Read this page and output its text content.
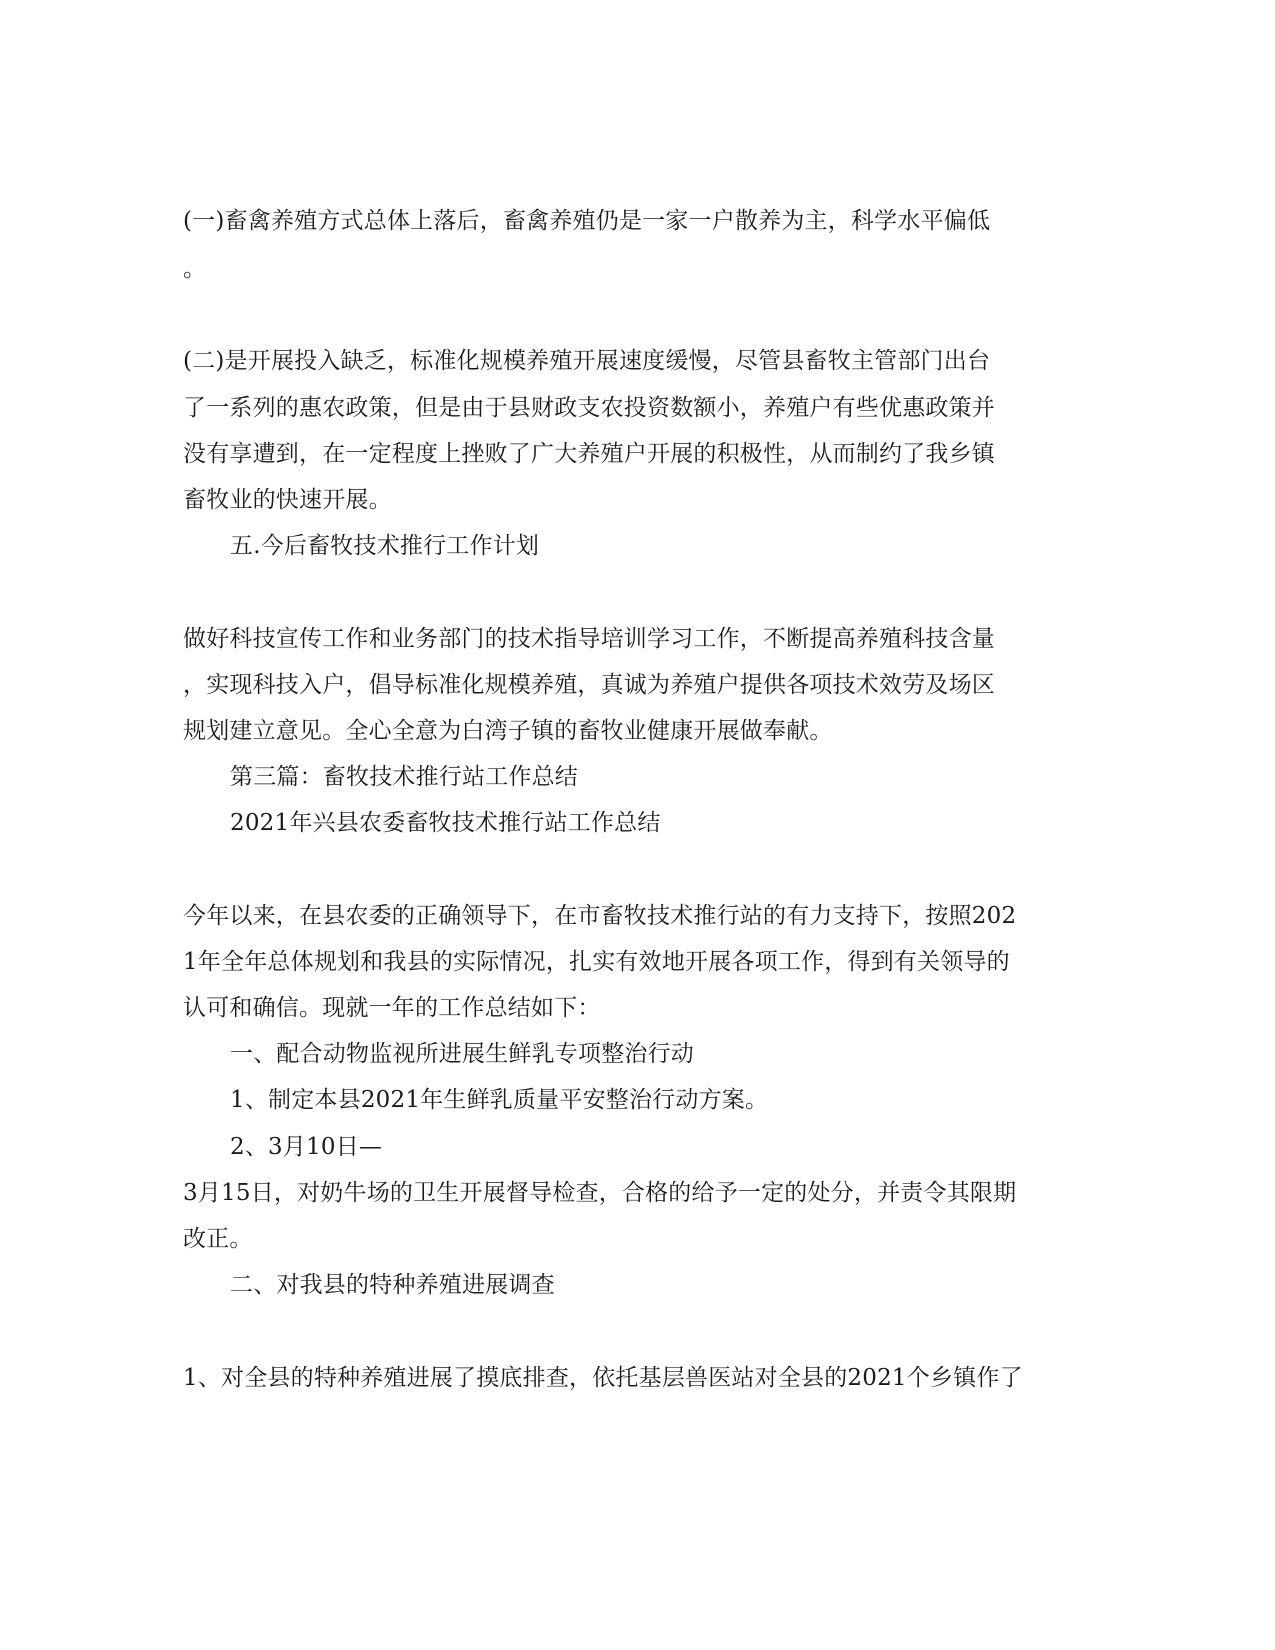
(一)畜禽养殖方式总体上落后，畜禽养殖仍是一家一户散养为主，科学水平偏低
。
(二)是开展投入缺乏，标准化规模养殖开展速度缓慢，尽管县畜牧主管部门出台
了一系列的惠农政策，但是由于县财政支农投资数额小，养殖户有些优惠政策并
没有享遭到，在一定程度上挫败了广大养殖户开展的积极性，从而制约了我乡镇
畜牧业的快速开展。
五.今后畜牧技术推行工作计划
做好科技宣传工作和业务部门的技术指导培训学习工作，不断提高养殖科技含量
，实现科技入户，倡导标准化规模养殖，真诚为养殖户提供各项技术效劳及场区
规划建立意见。全心全意为白湾子镇的畜牧业健康开展做奉献。
第三篇：畜牧技术推行站工作总结
2021年兴县农委畜牧技术推行站工作总结
今年以来，在县农委的正确领导下，在市畜牧技术推行站的有力支持下，按照202
1年全年总体规划和我县的实际情况，扎实有效地开展各项工作，得到有关领导的
认可和确信。现就一年的工作总结如下：
一、配合动物监视所进展生鲜乳专项整治行动
1、制定本县2021年生鲜乳质量平安整治行动方案。
2、3月10日—
3月15日，对奶牛场的卫生开展督导检查，合格的给予一定的处分，并责令其限期
改正。
二、对我县的特种养殖进展调查
1、对全县的特种养殖进展了摸底排查，依托基层兽医站对全县的2021个乡镇作了
